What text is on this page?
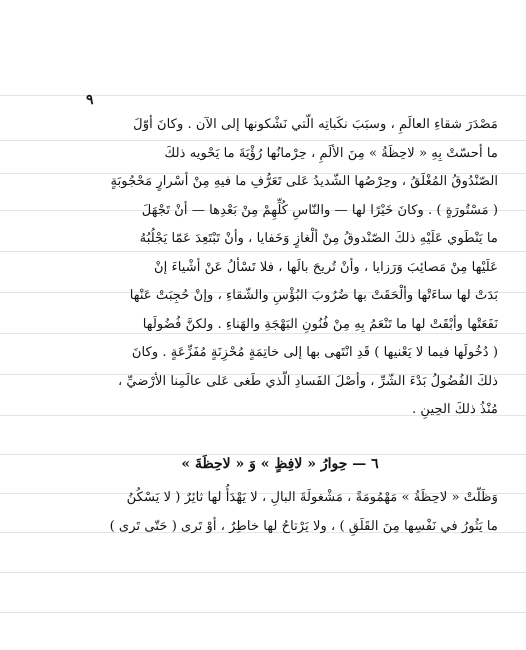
٩
مَصْدَرَ شقاءِ العالَمِ ، وسبَبَ نكَباتِه الّتي نَشْكونها إلى الآن . وكانَ أوّلَ
ما أحسّتْ بِهِ « لاحِظَةُ » مِنَ الألَمِ ، حِرْمانُها رُؤْيَةَ ما يَحْويه ذلكَ
الصّنْدُوقُ المُغْلَقُ ، وحِرْصُها الشّديدُ عَلى تَعَرُّفِ ما فيهِ مِنْ أسْرارٍ مَحْجُوبَةٍ
( مَسْتُورَةٍ ) . وكانَ خَيْرًا لها — والنّاسِ كُلِّهِمْ مِنْ بَعْدِها — أنْ تَجْهَلَ
ما يَنْطَوي عَلَيْهِ ذلكَ الصّنْدوقُ مِنْ ألْغازٍ وَخَفايا ، وأنْ تَبْتَعِدَ عَمّا يَجْلُبُهُ
عَلَيْها مِنْ مَصائِبَ وَرَزايا ، وأنْ تُريحَ بالَها ، فلا تَسْألُ عَنْ أشْياءَ إنْ
بَدَتْ لها ساءَتْها وألْحَقَتْ بها ضُرُوبَ البُؤْسِ والشّقاءِ ، وإنْ حُجِبَتْ عَنْها
نَفَعَتْها وأبْقَتْ لها ما تَنْعَمُ بِهِ مِنْ فُنُونِ البَهْجَةِ والهَناءِ . ولكنَّ فُضُولَها
( دُخُولَها فيما لا يَعْنيها ) قَدِ انْتَهى بها إلى خاتِمَةٍ مُحْزِنَةٍ مُفَزِّعَةٍ . وكانَ
ذلكَ الفُضُولُ بَدْءَ الشّرِّ ، وأصْلَ الفَسادِ الّذي طَغى عَلى عالَمِنا الأرْضيِّ ،
مُنْذُ ذلكَ الحِينِ .
٦ — حِوارُ « لافِظٍ » وَ « لاحِظَةَ »
وَظَلّتْ « لاحِظَةُ » مَهْمُومَةً ، مَشْغولَةَ البالِ ، لا يَهْدَأُ لها ثائِرٌ ( لا يَسْكُنُ
ما يَثُورُ في نَفْسِها مِنَ القَلَقِ ) ، ولا يَرْتاحُ لها خاطِرٌ ، أوْ تَرى ( حَتّى تَرى )
